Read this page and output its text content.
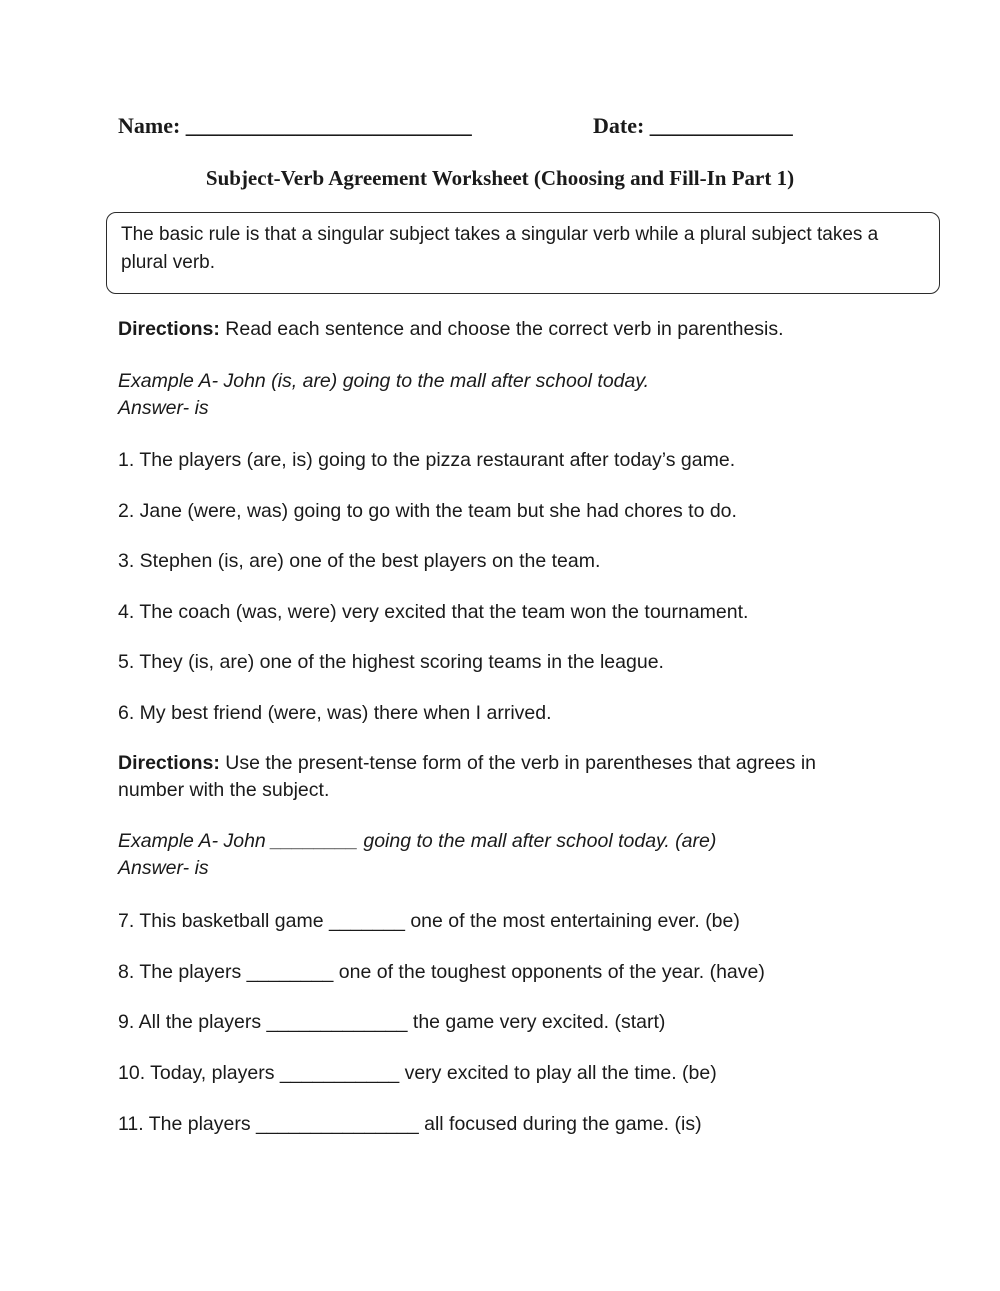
Name: __________________________	Date: _____________
Subject-Verb Agreement Worksheet (Choosing and Fill-In Part 1)
The basic rule is that a singular subject takes a singular verb while a plural subject takes a plural verb.

Directions: Read each sentence and choose the correct verb in parenthesis.

Example A- John (is, are) going to the mall after school today.
Answer- is
1. The players (are, is) going to the pizza restaurant after today’s game.
2. Jane (were, was) going to go with the team but she had chores to do.
3. Stephen (is, are) one of the best players on the team.
4. The coach (was, were) very excited that the team won the tournament.
5. They (is, are) one of the highest scoring teams in the league.
6. My best friend (were, was) there when I arrived.

Directions: Use the present-tense form of the verb in parentheses that agrees in number with the subject.

Example A- John ________ going to the mall after school today. (are)
Answer- is
7. This basketball game _______ one of the most entertaining ever. (be)
8. The players ________ one of the toughest opponents of the year. (have)
9. All the players _____________ the game very excited. (start)
10. Today, players ___________ very excited to play all the time. (be)
11. The players _______________ all focused during the game. (is)
